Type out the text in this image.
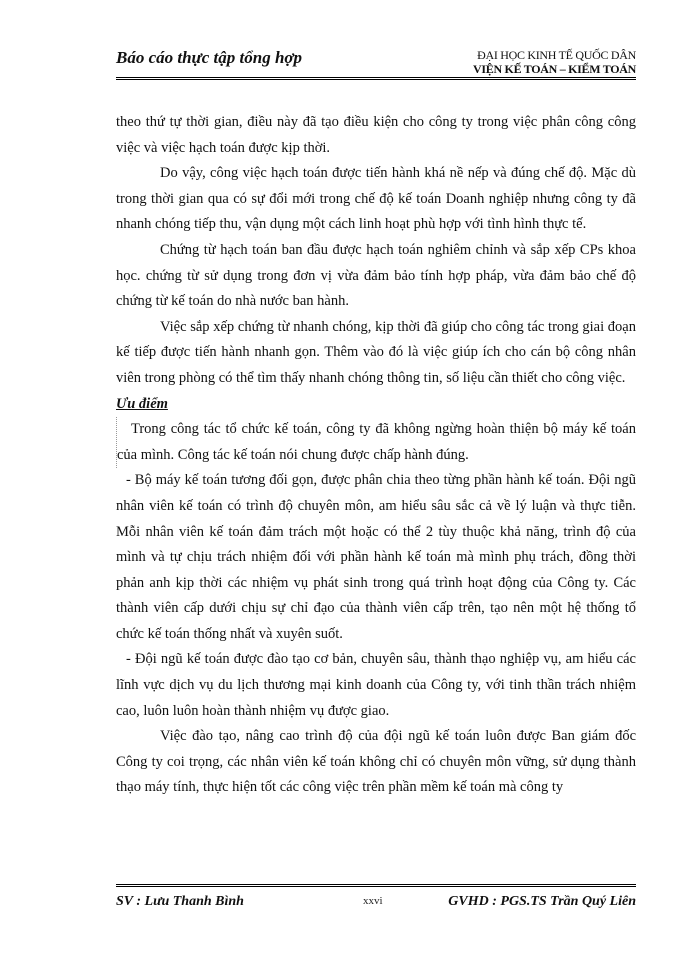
Báo cáo thực tập tổng hợp	ĐẠI HỌC KINH TẾ QUỐC DÂN
VIỆN KẾ TOÁN – KIỂM TOÁN

theo thứ tự thời gian, điều này đã tạo điều kiện cho công ty trong việc phân công công việc và việc hạch toán được kịp thời.

Do vậy, công việc hạch toán được tiến hành khá nề nếp và đúng chế độ. Mặc dù trong thời gian qua có sự đổi mới trong chế độ kế toán Doanh nghiệp nhưng công ty đã nhanh chóng tiếp thu, vận dụng một cách linh hoạt phù hợp với tình hình thực tế.

Chứng từ hạch toán ban đầu được hạch toán nghiêm chỉnh và sắp xếp CPs khoa học. chứng từ sử dụng trong đơn vị vừa đảm bảo tính hợp pháp, vừa đảm bảo chế độ chứng từ kế toán do nhà nước ban hành.

Việc sắp xếp chứng từ nhanh chóng, kịp thời đã giúp cho công tác trong giai đoạn kế tiếp được tiến hành nhanh gọn. Thêm vào đó là việc giúp ích cho cán bộ công nhân viên trong phòng có thể tìm thấy nhanh chóng thông tin, số liệu cần thiết cho công việc.

Ưu điểm

Trong công tác tổ chức kế toán, công ty đã không ngừng hoàn thiện bộ máy kế toán của mình. Công tác kế toán nói chung được chấp hành đúng.

- Bộ máy kế toán tương đối gọn, được phân chia theo từng phần hành kế toán. Đội ngũ nhân viên kế toán có trình độ chuyên môn, am hiểu sâu sắc cả về lý luận và thực tiễn. Mỗi nhân viên kế toán đảm trách một hoặc có thể 2 tùy thuộc khả năng, trình độ của mình và tự chịu trách nhiệm đối với phần hành kế toán mà mình phụ trách, đồng thời phản anh kịp thời các nhiệm vụ phát sinh trong quá trình hoạt động của Công ty. Các thành viên cấp dưới chịu sự chỉ đạo của thành viên cấp trên, tạo nên một hệ thống tổ chức kế toán thống nhất và xuyên suốt.

- Đội ngũ kế toán được đào tạo cơ bản, chuyên sâu, thành thạo nghiệp vụ, am hiểu các lĩnh vực dịch vụ du lịch thương mại kinh doanh của Công ty, với tinh thần trách nhiệm cao, luôn luôn hoàn thành nhiệm vụ được giao.

Việc đào tạo, nâng cao trình độ của đội ngũ kế toán luôn được Ban giám đốc Công ty coi trọng, các nhân viên kế toán không chỉ có chuyên môn vững, sử dụng thành thạo máy tính, thực hiện tốt các công việc trên phần mềm kế toán mà công ty

SV : Lưu Thanh Bình	xxvi	GVHD : PGS.TS Trần Quý Liên
